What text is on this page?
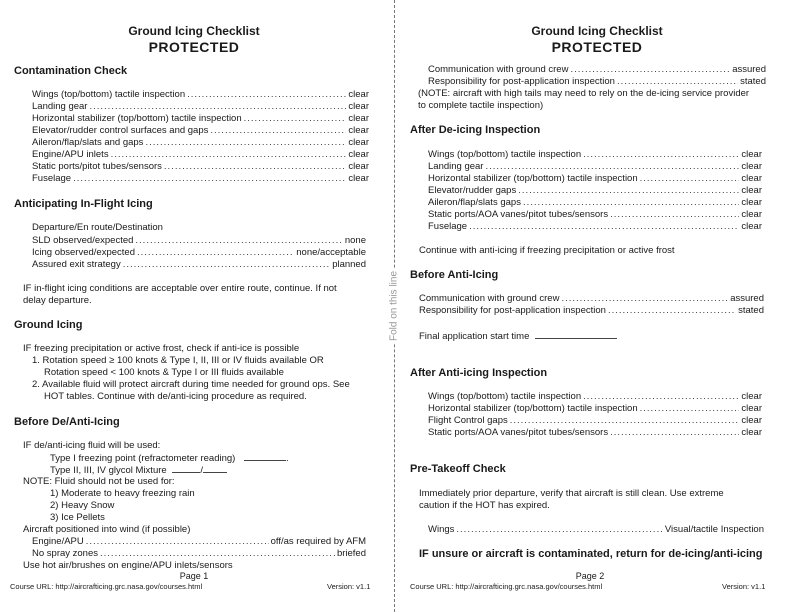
Fold on this line
Ground Icing Checklist
PROTECTED
Contamination Check
Wings (top/bottom) tactile inspection .....	clear
Landing gear .....	clear
Horizontal stabilizer (top/bottom) tactile inspection .....	clear
Elevator/rudder control surfaces and gaps .....	clear
Aileron/flap/slats and gaps .....	clear
Engine/APU inlets .....	clear
Static ports/pitot tubes/sensors .....	clear
Fuselage .....	clear
Anticipating In-Flight Icing
Departure/En route/Destination
SLD observed/expected .....	none
Icing observed/expected .....	none/acceptable
Assured exit strategy .....	planned
IF in-flight icing conditions are acceptable over entire route, continue. If not
delay departure.
Ground Icing
IF freezing precipitation or active frost, check if anti-ice is possible
1. Rotation speed ≥ 100 knots & Type I, II, III or IV fluids available OR
Rotation speed < 100 knots & Type I or III fluids available
2. Available fluid will protect aircraft during time needed for ground ops. See
HOT tables. Continue with de/anti-icing procedure as required.
Before De/Anti-Icing
IF de/anti-icing fluid will be used:
Type I freezing point (refractometer reading)	.
Type II, III, IV glycol Mixture	/
NOTE: Fluid should not be used for:
1) Moderate to heavy freezing rain
2) Heavy Snow
3) Ice Pellets
Aircraft positioned into wind (if possible)
Engine/APU .....	off/as required by AFM
No spray zones .....	briefed
Use hot air/brushes on engine/APU inlets/sensors
Page 1
Course URL: http://aircrafticing.grc.nasa.gov/courses.html	Version: v1.1
Ground Icing Checklist
PROTECTED
Communication with ground crew .....	assured
Responsibility for post-application inspection .....	stated
(NOTE: aircraft with high tails may need to rely on the de-icing service provider
to complete tactile inspection)
After De-icing Inspection
Wings (top/bottom) tactile inspection .....	clear
Landing gear .....	clear
Horizontal stabilizer (top/bottom) tactile inspection .....	clear
Elevator/rudder gaps .....	clear
Aileron/flap/slats gaps .....	clear
Static ports/AOA vanes/pitot tubes/sensors .....	clear
Fuselage .....	clear
Continue with anti-icing if freezing precipitation or active frost
Before Anti-Icing
Communication with ground crew .....	assured
Responsibility for post-application inspection .....	stated
Final application start time
After Anti-icing Inspection
Wings (top/bottom) tactile inspection .....	clear
Horizontal stabilizer (top/bottom) tactile inspection .....	clear
Flight Control gaps .....	clear
Static ports/AOA vanes/pitot tubes/sensors .....	clear
Pre-Takeoff Check
Immediately prior departure, verify that aircraft is still clean. Use extreme
caution if the HOT has expired.
Wings .....	Visual/tactile Inspection
IF unsure or aircraft is contaminated, return for de-icing/anti-icing
Page 2
Course URL: http://aircrafticing.grc.nasa.gov/courses.html	Version: v1.1
